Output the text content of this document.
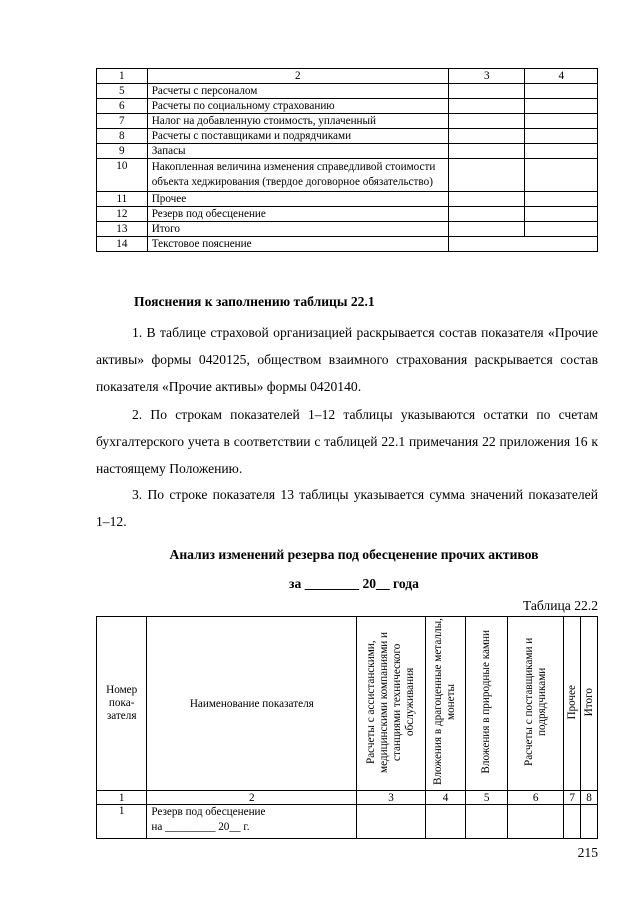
1	2	3	4
5	Расчеты с персоналом		
6	Расчеты по социальному страхованию		
7	Налог на добавленную стоимость, уплаченный		
8	Расчеты с поставщиками и подрядчиками		
9	Запасы		
10	Накопленная величина изменения справедливой стоимости объекта хеджирования (твердое договорное обязательство)		
11	Прочее		
12	Резерв под обесценение		
13	Итого		
14	Текстовое пояснение		
Пояснения к заполнению таблицы 22.1
1. В таблице страховой организацией раскрывается состав показателя «Прочие активы» формы 0420125, обществом взаимного страхования раскрывается состав показателя «Прочие активы» формы 0420140.
2. По строкам показателей 1–12 таблицы указываются остатки по счетам бухгалтерского учета в соответствии с таблицей 22.1 примечания 22 приложения 16 к настоящему Положению.
3. По строке показателя 13 таблицы указывается сумма значений показателей 1–12.
Анализ изменений резерва под обесценение прочих активов
за ________ 20__ года
Таблица 22.2
Номер пока-зателя	Наименование показателя	Расчеты с ассистанскими, медицинскими компаниями и станциями технического обслуживания	Вложения в драгоценные металлы, монеты	Вложения в природные камни	Расчеты с поставщиками и подрядчиками	Прочее	Итого
1	2	3	4	5	6	7	8
1	Резерв под обесценение
на _________ 20__ г.						

215
